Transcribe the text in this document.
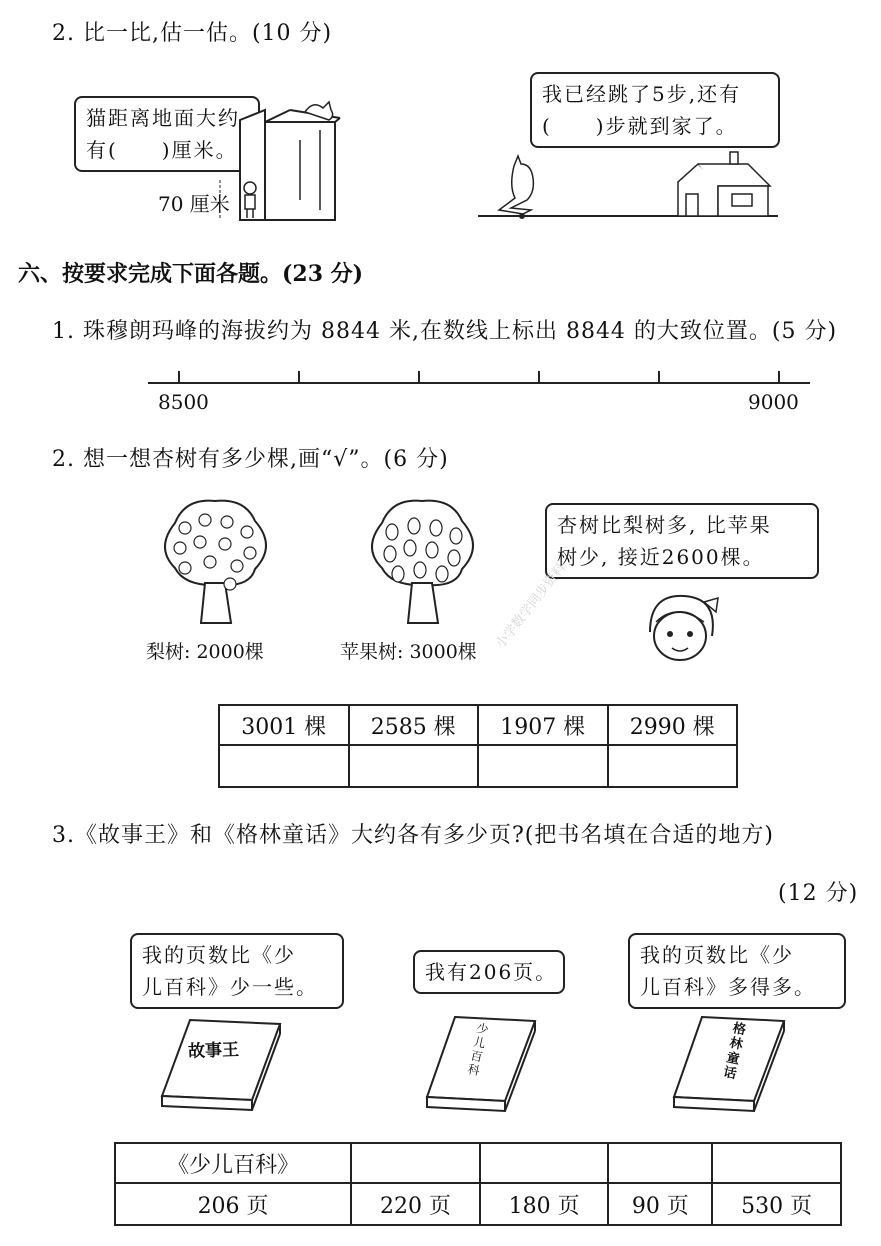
2. 比一比,估一估。(10 分)
猫距离地面大约
有(　　)厘米。
70 厘米
我已经跳了5步,还有
(　　)步就到家了。
六、按要求完成下面各题。(23 分)
1. 珠穆朗玛峰的海拔约为 8844 米,在数线上标出 8844 的大致位置。(5 分)
8500	9000
2. 想一想杏树有多少棵,画“√”。(6 分)
梨树: 2000棵	苹果树: 3000棵
杏树比梨树多, 比苹果
树少, 接近2600棵。
小学数学同步资料
3001 棵	2585 棵	1907 棵	2990 棵

3.《故事王》和《格林童话》大约各有多少页?(把书名填在合适的地方)
(12 分)
我的页数比《少
儿百科》少一些。
故事王
我有206页。
少儿百科
我的页数比《少
儿百科》多得多。
格林童话
《少儿百科》				
206 页	220 页	180 页	90 页	530 页
